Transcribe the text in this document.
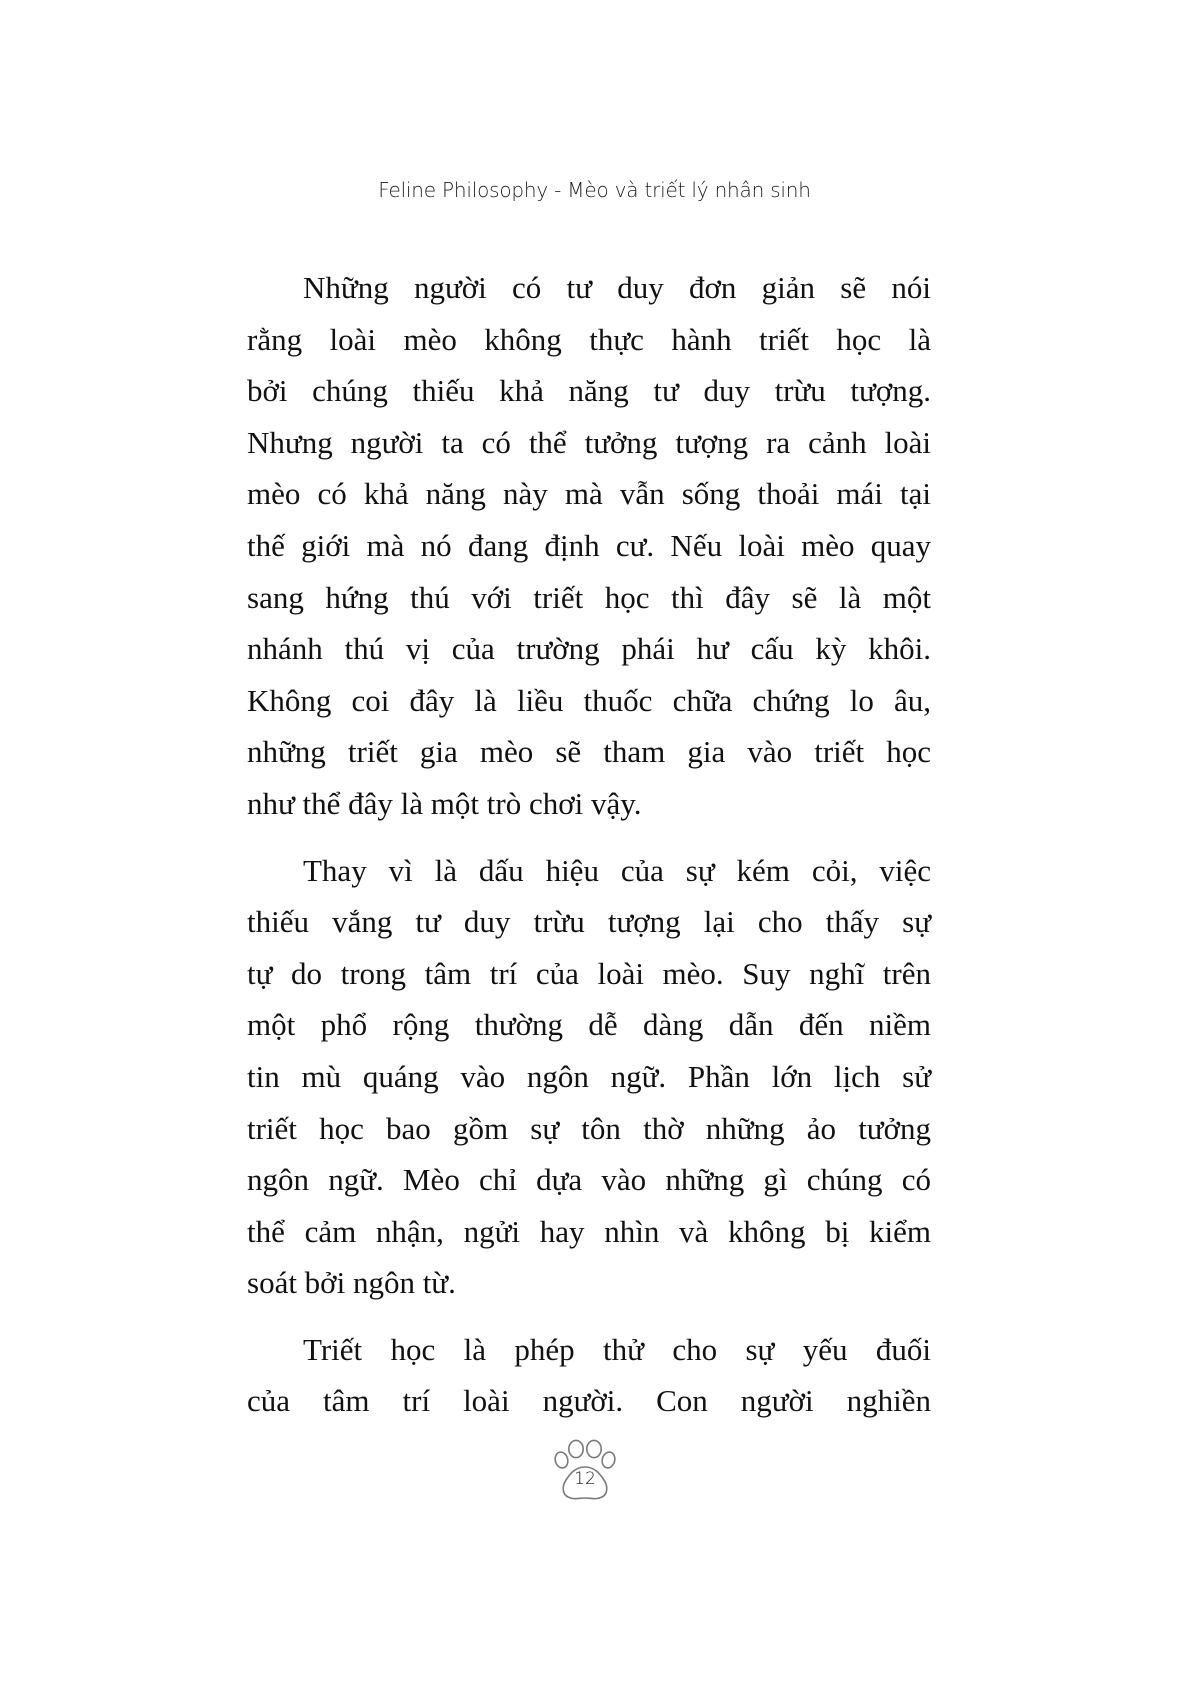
Feline Philosophy - Mèo và triết lý nhân sinh
Những người có tư duy đơn giản sẽ nói
rằng loài mèo không thực hành triết học là
bởi chúng thiếu khả năng tư duy trừu tượng.
Nhưng người ta có thể tưởng tượng ra cảnh loài
mèo có khả năng này mà vẫn sống thoải mái tại
thế giới mà nó đang định cư. Nếu loài mèo quay
sang hứng thú với triết học thì đây sẽ là một
nhánh thú vị của trường phái hư cấu kỳ khôi.
Không coi đây là liều thuốc chữa chứng lo âu,
những triết gia mèo sẽ tham gia vào triết học
như thể đây là một trò chơi vậy.
Thay vì là dấu hiệu của sự kém cỏi, việc
thiếu vắng tư duy trừu tượng lại cho thấy sự
tự do trong tâm trí của loài mèo. Suy nghĩ trên
một phổ rộng thường dễ dàng dẫn đến niềm
tin mù quáng vào ngôn ngữ. Phần lớn lịch sử
triết học bao gồm sự tôn thờ những ảo tưởng
ngôn ngữ. Mèo chỉ dựa vào những gì chúng có
thể cảm nhận, ngửi hay nhìn và không bị kiểm
soát bởi ngôn từ.
Triết học là phép thử cho sự yếu đuối
của tâm trí loài người. Con người nghiền
12
